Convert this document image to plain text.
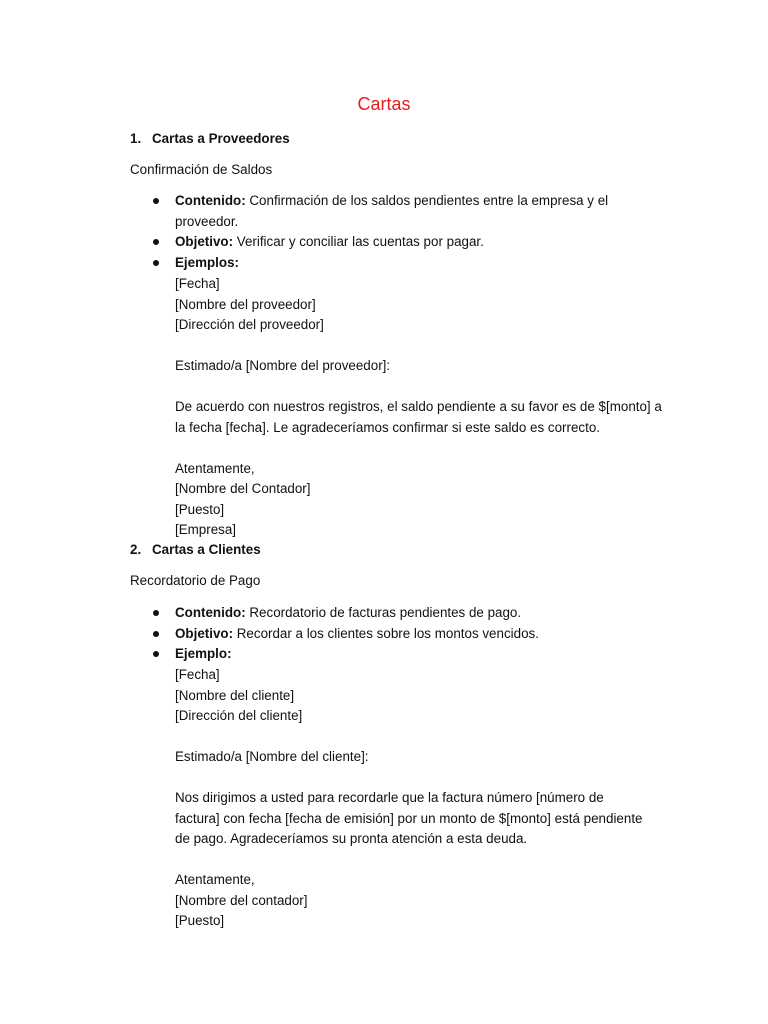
Cartas
1. Cartas a Proveedores
Confirmación de Saldos
Contenido: Confirmación de los saldos pendientes entre la empresa y el proveedor.
Objetivo: Verificar y conciliar las cuentas por pagar.
Ejemplos:

[Fecha]

[Nombre del proveedor]

[Dirección del proveedor]

Estimado/a [Nombre del proveedor]:

De acuerdo con nuestros registros, el saldo pendiente a su favor es de $[monto] a la fecha [fecha]. Le agradeceríamos confirmar si este saldo es correcto.

Atentamente,

[Nombre del Contador]

[Puesto]

[Empresa]

2. Cartas a Clientes
Recordatorio de Pago
Contenido: Recordatorio de facturas pendientes de pago.
Objetivo: Recordar a los clientes sobre los montos vencidos.
Ejemplo:

[Fecha]

[Nombre del cliente]

[Dirección del cliente]

Estimado/a [Nombre del cliente]:

Nos dirigimos a usted para recordarle que la factura número [número de factura] con fecha [fecha de emisión] por un monto de $[monto] está pendiente de pago. Agradeceríamos su pronta atención a esta deuda.

Atentamente,

[Nombre del contador]

[Puesto]
